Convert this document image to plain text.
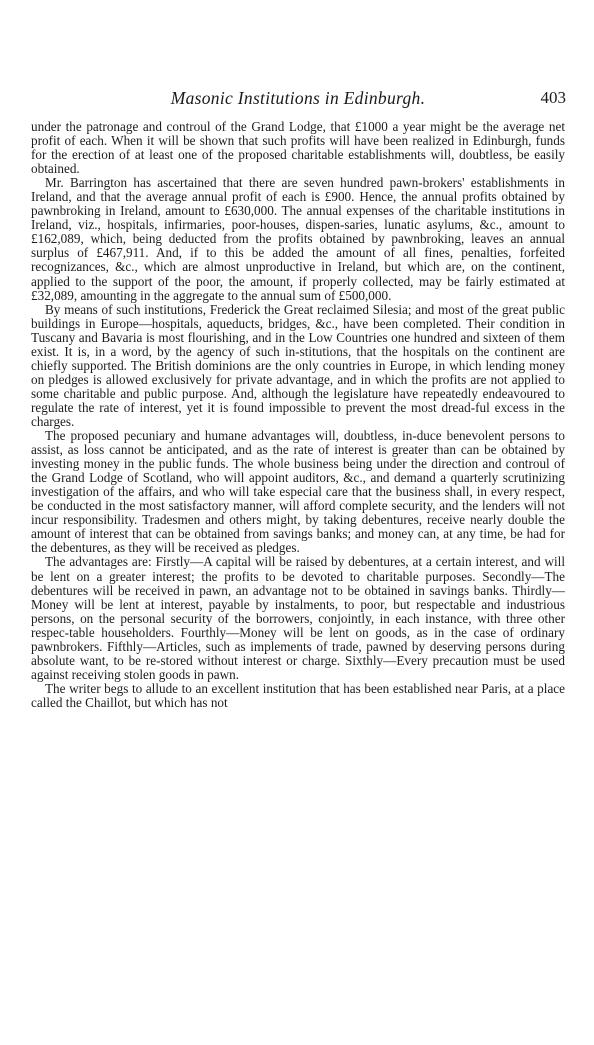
Masonic Institutions in Edinburgh.	403

under the patronage and controul of the Grand Lodge, that £1000 a year might be the average net profit of each. When it will be shown that such profits will have been realized in Edinburgh, funds for the erection of at least one of the proposed charitable establishments will, doubtless, be easily obtained.

Mr. Barrington has ascertained that there are seven hundred pawn-brokers' establishments in Ireland, and that the average annual profit of each is £900. Hence, the annual profits obtained by pawnbroking in Ireland, amount to £630,000. The annual expenses of the charitable institutions in Ireland, viz., hospitals, infirmaries, poor-houses, dispen-saries, lunatic asylums, &c., amount to £162,089, which, being deducted from the profits obtained by pawnbroking, leaves an annual surplus of £467,911. And, if to this be added the amount of all fines, penalties, forfeited recognizances, &c., which are almost unproductive in Ireland, but which are, on the continent, applied to the support of the poor, the amount, if properly collected, may be fairly estimated at £32,089, amounting in the aggregate to the annual sum of £500,000.

By means of such institutions, Frederick the Great reclaimed Silesia; and most of the great public buildings in Europe—hospitals, aqueducts, bridges, &c., have been completed. Their condition in Tuscany and Bavaria is most flourishing, and in the Low Countries one hundred and sixteen of them exist. It is, in a word, by the agency of such in-stitutions, that the hospitals on the continent are chiefly supported. The British dominions are the only countries in Europe, in which lending money on pledges is allowed exclusively for private advantage, and in which the profits are not applied to some charitable and public purpose. And, although the legislature have repeatedly endeavoured to regulate the rate of interest, yet it is found impossible to prevent the most dread-ful excess in the charges.

The proposed pecuniary and humane advantages will, doubtless, in-duce benevolent persons to assist, as loss cannot be anticipated, and as the rate of interest is greater than can be obtained by investing money in the public funds. The whole business being under the direction and controul of the Grand Lodge of Scotland, who will appoint auditors, &c., and demand a quarterly scrutinizing investigation of the affairs, and who will take especial care that the business shall, in every respect, be conducted in the most satisfactory manner, will afford complete security, and the lenders will not incur responsibility. Tradesmen and others might, by taking debentures, receive nearly double the amount of interest that can be obtained from savings banks; and money can, at any time, be had for the debentures, as they will be received as pledges.

The advantages are: Firstly—A capital will be raised by debentures, at a certain interest, and will be lent on a greater interest; the profits to be devoted to charitable purposes. Secondly—The debentures will be received in pawn, an advantage not to be obtained in savings banks. Thirdly—Money will be lent at interest, payable by instalments, to poor, but respectable and industrious persons, on the personal security of the borrowers, conjointly, in each instance, with three other respec-table householders. Fourthly—Money will be lent on goods, as in the case of ordinary pawnbrokers. Fifthly—Articles, such as implements of trade, pawned by deserving persons during absolute want, to be re-stored without interest or charge. Sixthly—Every precaution must be used against receiving stolen goods in pawn.

The writer begs to allude to an excellent institution that has been established near Paris, at a place called the Chaillot, but which has not
